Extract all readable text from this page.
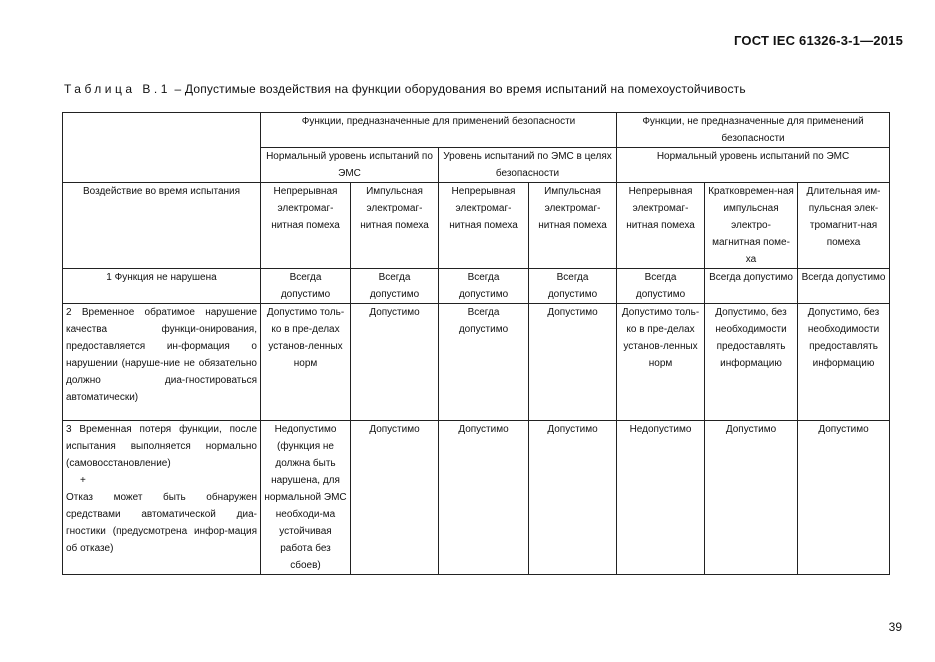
ГОСТ IEC 61326-3-1—2015
Таблица В.1 – Допустимые воздействия на функции оборудования во время испытаний на помехоустойчивость
	Функции, предназначенные для применений безопасности				Функции, не предназначенные для применений безопасности		
	Нормальный уровень испытаний по ЭМС		Уровень испытаний по ЭМС в целях безопасности		Нормальный уровень испытаний по ЭМС		
Воздействие во время испытания	Непрерывная электромаг-нитная помеха	Импульсная электромаг-нитная помеха	Непрерывная электромаг-нитная помеха	Импульсная электромаг-нитная помеха	Непрерывная электромаг-нитная помеха	Кратковремен-ная импульсная электро-магнитная поме-ха	Длительная им-пульсная элек-тромагнит-ная помеха
1 Функция не нарушена	Всегда допустимо	Всегда допустимо	Всегда допустимо	Всегда допустимо	Всегда допустимо	Всегда допустимо	Всегда допустимо
2 Временное обратимое нарушение качества функци-онирования, предоставляется ин-формация о нарушении (наруше-ние не обязательно должно диа-гностироваться автоматически)	Допустимо толь-ко в пре-делах установ-ленных норм	Допустимо	Всегда допустимо	Допустимо	Допустимо толь-ко в пре-делах установ-ленных норм	Допустимо, без необходимости предоставлять информацию	Допустимо, без необходимости предоставлять информацию

3 Временная потеря функции, после испытания выполняется нормально (самовосстановление)
+
Отказ может быть обнаружен средствами автоматической диа-гностики (предусмотрена инфор-мация об отказе)	Недопустимо (функция не должна быть нарушена, для нормальной ЭМС необходи-ма устойчивая работа без сбоев)	Допустимо	Допустимо	Допустимо	Недопустимо	Допустимо	Допустимо
39
